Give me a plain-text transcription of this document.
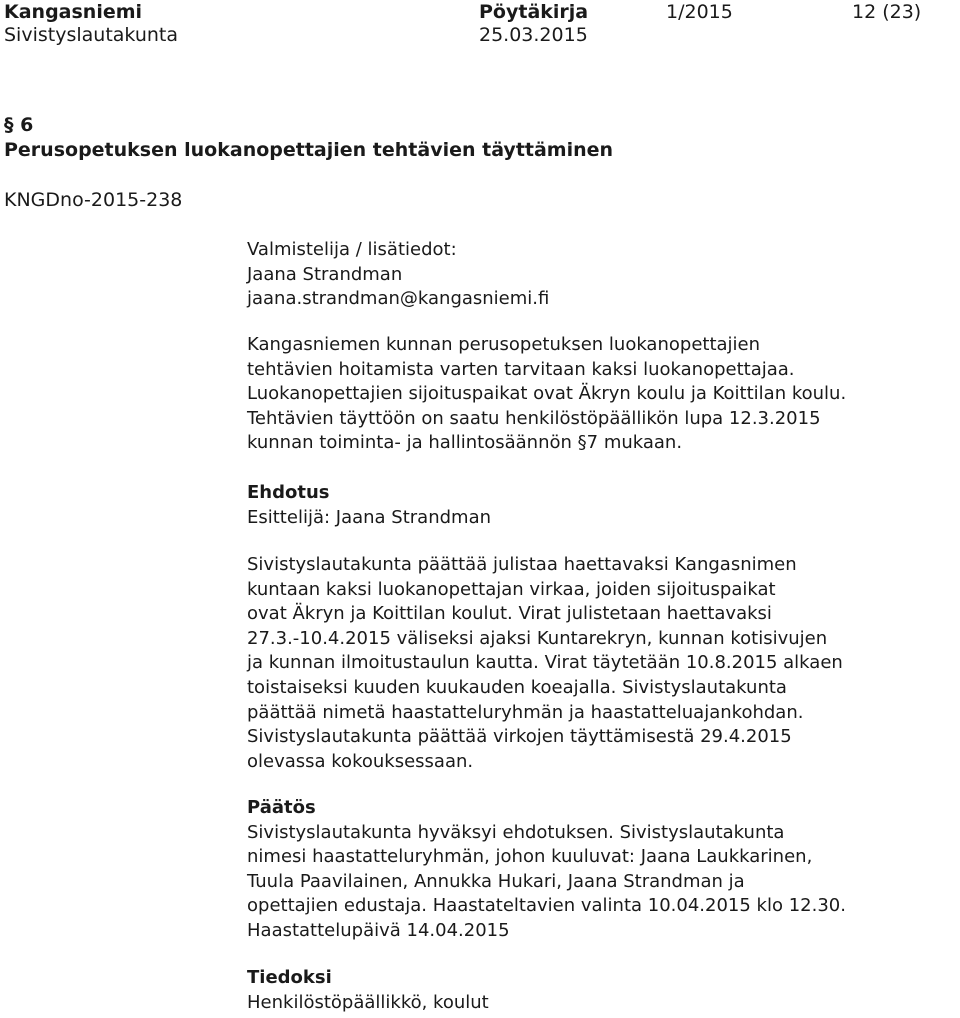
Kangasniemi
Sivistyslautakunta
Pöytäkirja
25.03.2015
1/2015	12 (23)
§ 6
Perusopetuksen luokanopettajien tehtävien täyttäminen
KNGDno-2015-238
Valmistelija / lisätiedot:
Jaana Strandman
jaana.strandman@kangasniemi.fi
Kangasniemen kunnan perusopetuksen luokanopettajien
tehtävien hoitamista varten tarvitaan kaksi luokanopettajaa.
Luokanopettajien sijoituspaikat ovat Äkryn koulu ja Koittilan koulu.
Tehtävien täyttöön on saatu henkilöstöpäällikön lupa 12.3.2015
kunnan toiminta- ja hallintosäännön §7 mukaan.
Ehdotus
Esittelijä: Jaana Strandman
Sivistyslautakunta päättää julistaa haettavaksi Kangasnimen
kuntaan kaksi luokanopettajan virkaa, joiden sijoituspaikat
ovat Äkryn ja Koittilan koulut. Virat julistetaan haettavaksi
27.3.-10.4.2015 väliseksi ajaksi Kuntarekryn, kunnan kotisivujen
ja kunnan ilmoitustaulun kautta. Virat täytetään 10.8.2015 alkaen
toistaiseksi kuuden kuukauden koeajalla. Sivistyslautakunta
päättää nimetä haastatteluryhmän ja haastatteluajankohdan.
Sivistyslautakunta päättää virkojen täyttämisestä 29.4.2015
olevassa kokouksessaan.
Päätös
Sivistyslautakunta hyväksyi ehdotuksen. Sivistyslautakunta
nimesi haastatteluryhmän, johon kuuluvat: Jaana Laukkarinen,
Tuula Paavilainen, Annukka Hukari, Jaana Strandman ja
opettajien edustaja. Haastateltavien valinta 10.04.2015 klo 12.30.
Haastattelupäivä 14.04.2015
Tiedoksi
Henkilöstöpäällikkö, koulut
